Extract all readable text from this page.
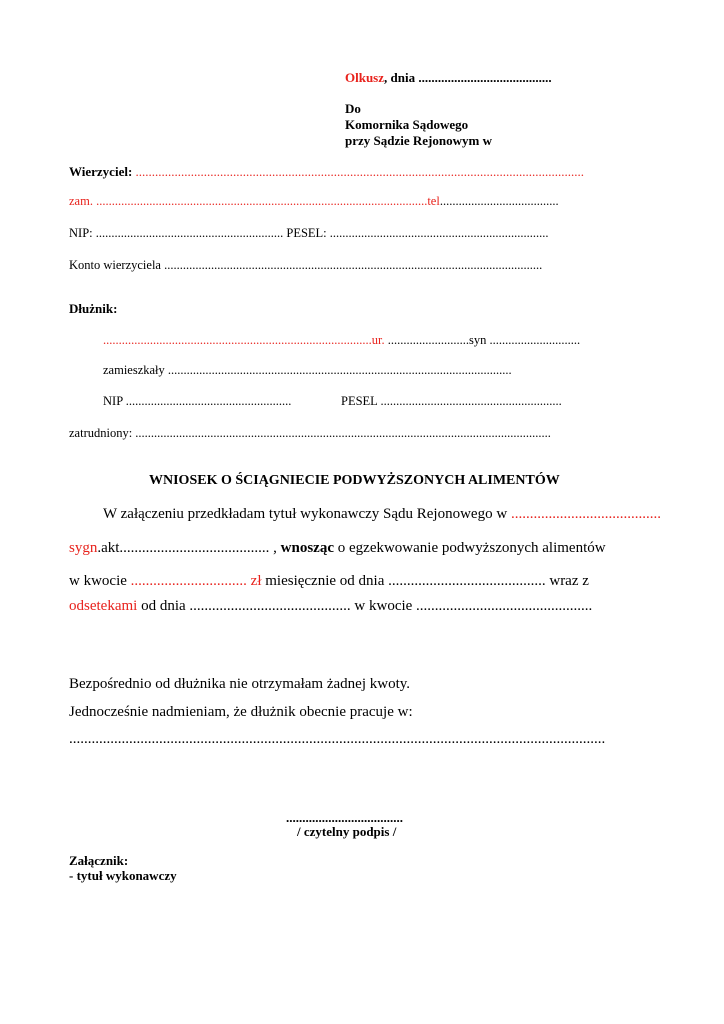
Olkusz, dnia .........................................
Do
Komornika Sądowego
przy Sądzie Rejonowym w
Wierzyciel: ..........................................................................................................................................
zam. ..........................................................................................................tel......................................
NIP: ............................................................ PESEL: ......................................................................
Konto wierzyciela .........................................................................................................................
Dłużnik:
......................................................................................ur. ..........................syn .............................
zamieszkały ..............................................................................................................
NIP .....................................................	PESEL ..........................................................
zatrudniony: .....................................................................................................................................
WNIOSEK O ŚCIĄGNIECIE PODWYŻSZONYCH ALIMENTÓW
W załączeniu przedkładam tytuł wykonawczy Sądu Rejonowego w ........................................
sygn.akt........................................ , wnosząc o egzekwowanie podwyższonych alimentów
w kwocie ............................... zł miesięcznie od dnia .......................................... wraz z
odsetekami od dnia ........................................... w kwocie ...............................................
Bezpośrednio od dłużnika nie otrzymałam żadnej kwoty.
Jednocześnie nadmieniam, że dłużnik obecnie pracuje w:
...............................................................................................................................................
....................................
/ czytelny podpis /
Załącznik:
- tytuł wykonawczy
